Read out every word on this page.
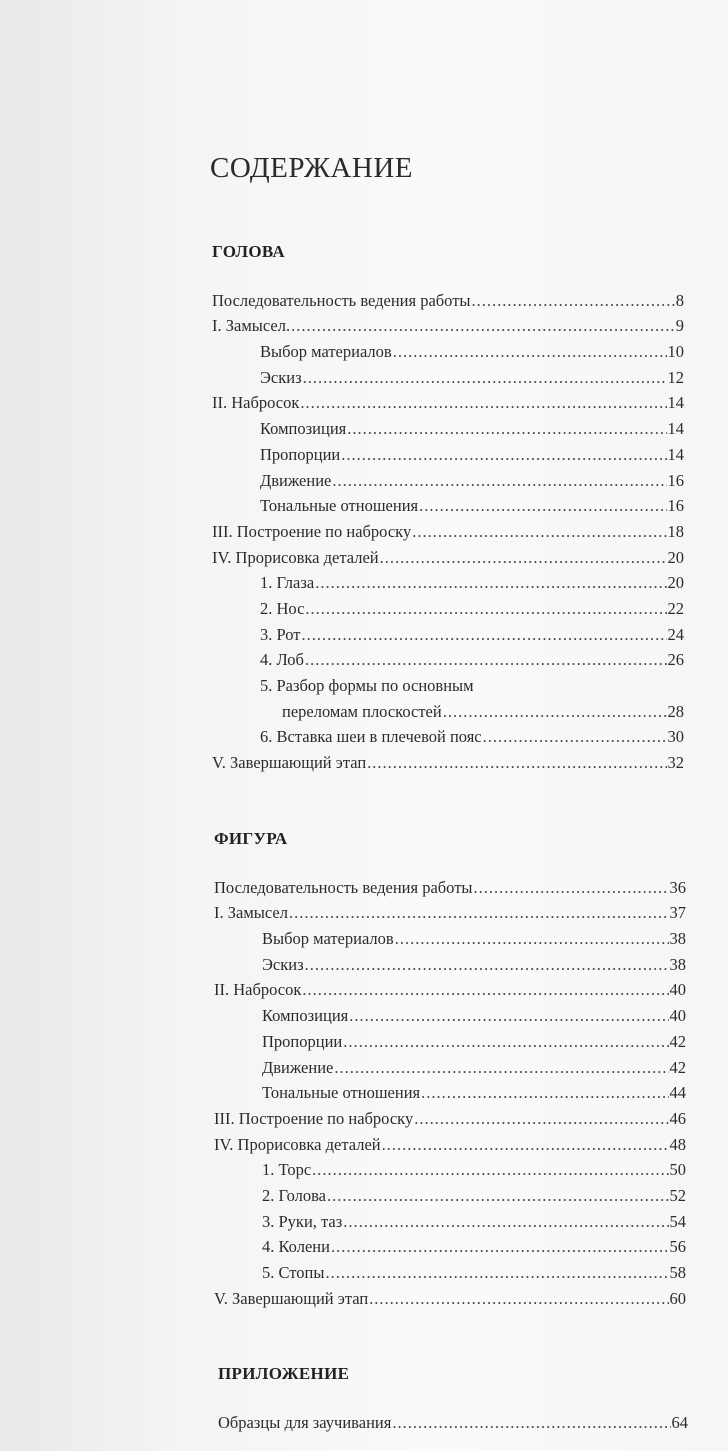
СОДЕРЖАНИЕ
ГОЛОВА
Последовательность ведения работы .....	8
I. Замысел. .....	9
Выбор материалов .....	10
Эскиз .....	12
II. Набросок .....	14
Композиция .....	14
Пропорции .....	14
Движение .....	16
Тональные отношения .....	16
III. Построение по наброску .....	18
IV. Прорисовка деталей .....	20
1. Глаза .....	20
2. Нос .....	22
3. Рот .....	24
4. Лоб .....	26
5. Разбор формы по основным
переломам плоскостей .....	28
6. Вставка шеи в плечевой пояс .....	30
V. Завершающий этап .....	32
ФИГУРА
Последовательность ведения работы .....	36
I. Замысел .....	37
Выбор материалов .....	38
Эскиз .....	38
II. Набросок .....	40
Композиция .....	40
Пропорции .....	42
Движение .....	42
Тональные отношения .....	44
III. Построение по наброску .....	46
IV. Прорисовка деталей .....	48
1. Торс .....	50
2. Голова .....	52
3. Руки, таз .....	54
4. Колени .....	56
5. Стопы .....	58
V. Завершающий этап .....	60
ПРИЛОЖЕНИЕ
Образцы для заучивания .....	64
